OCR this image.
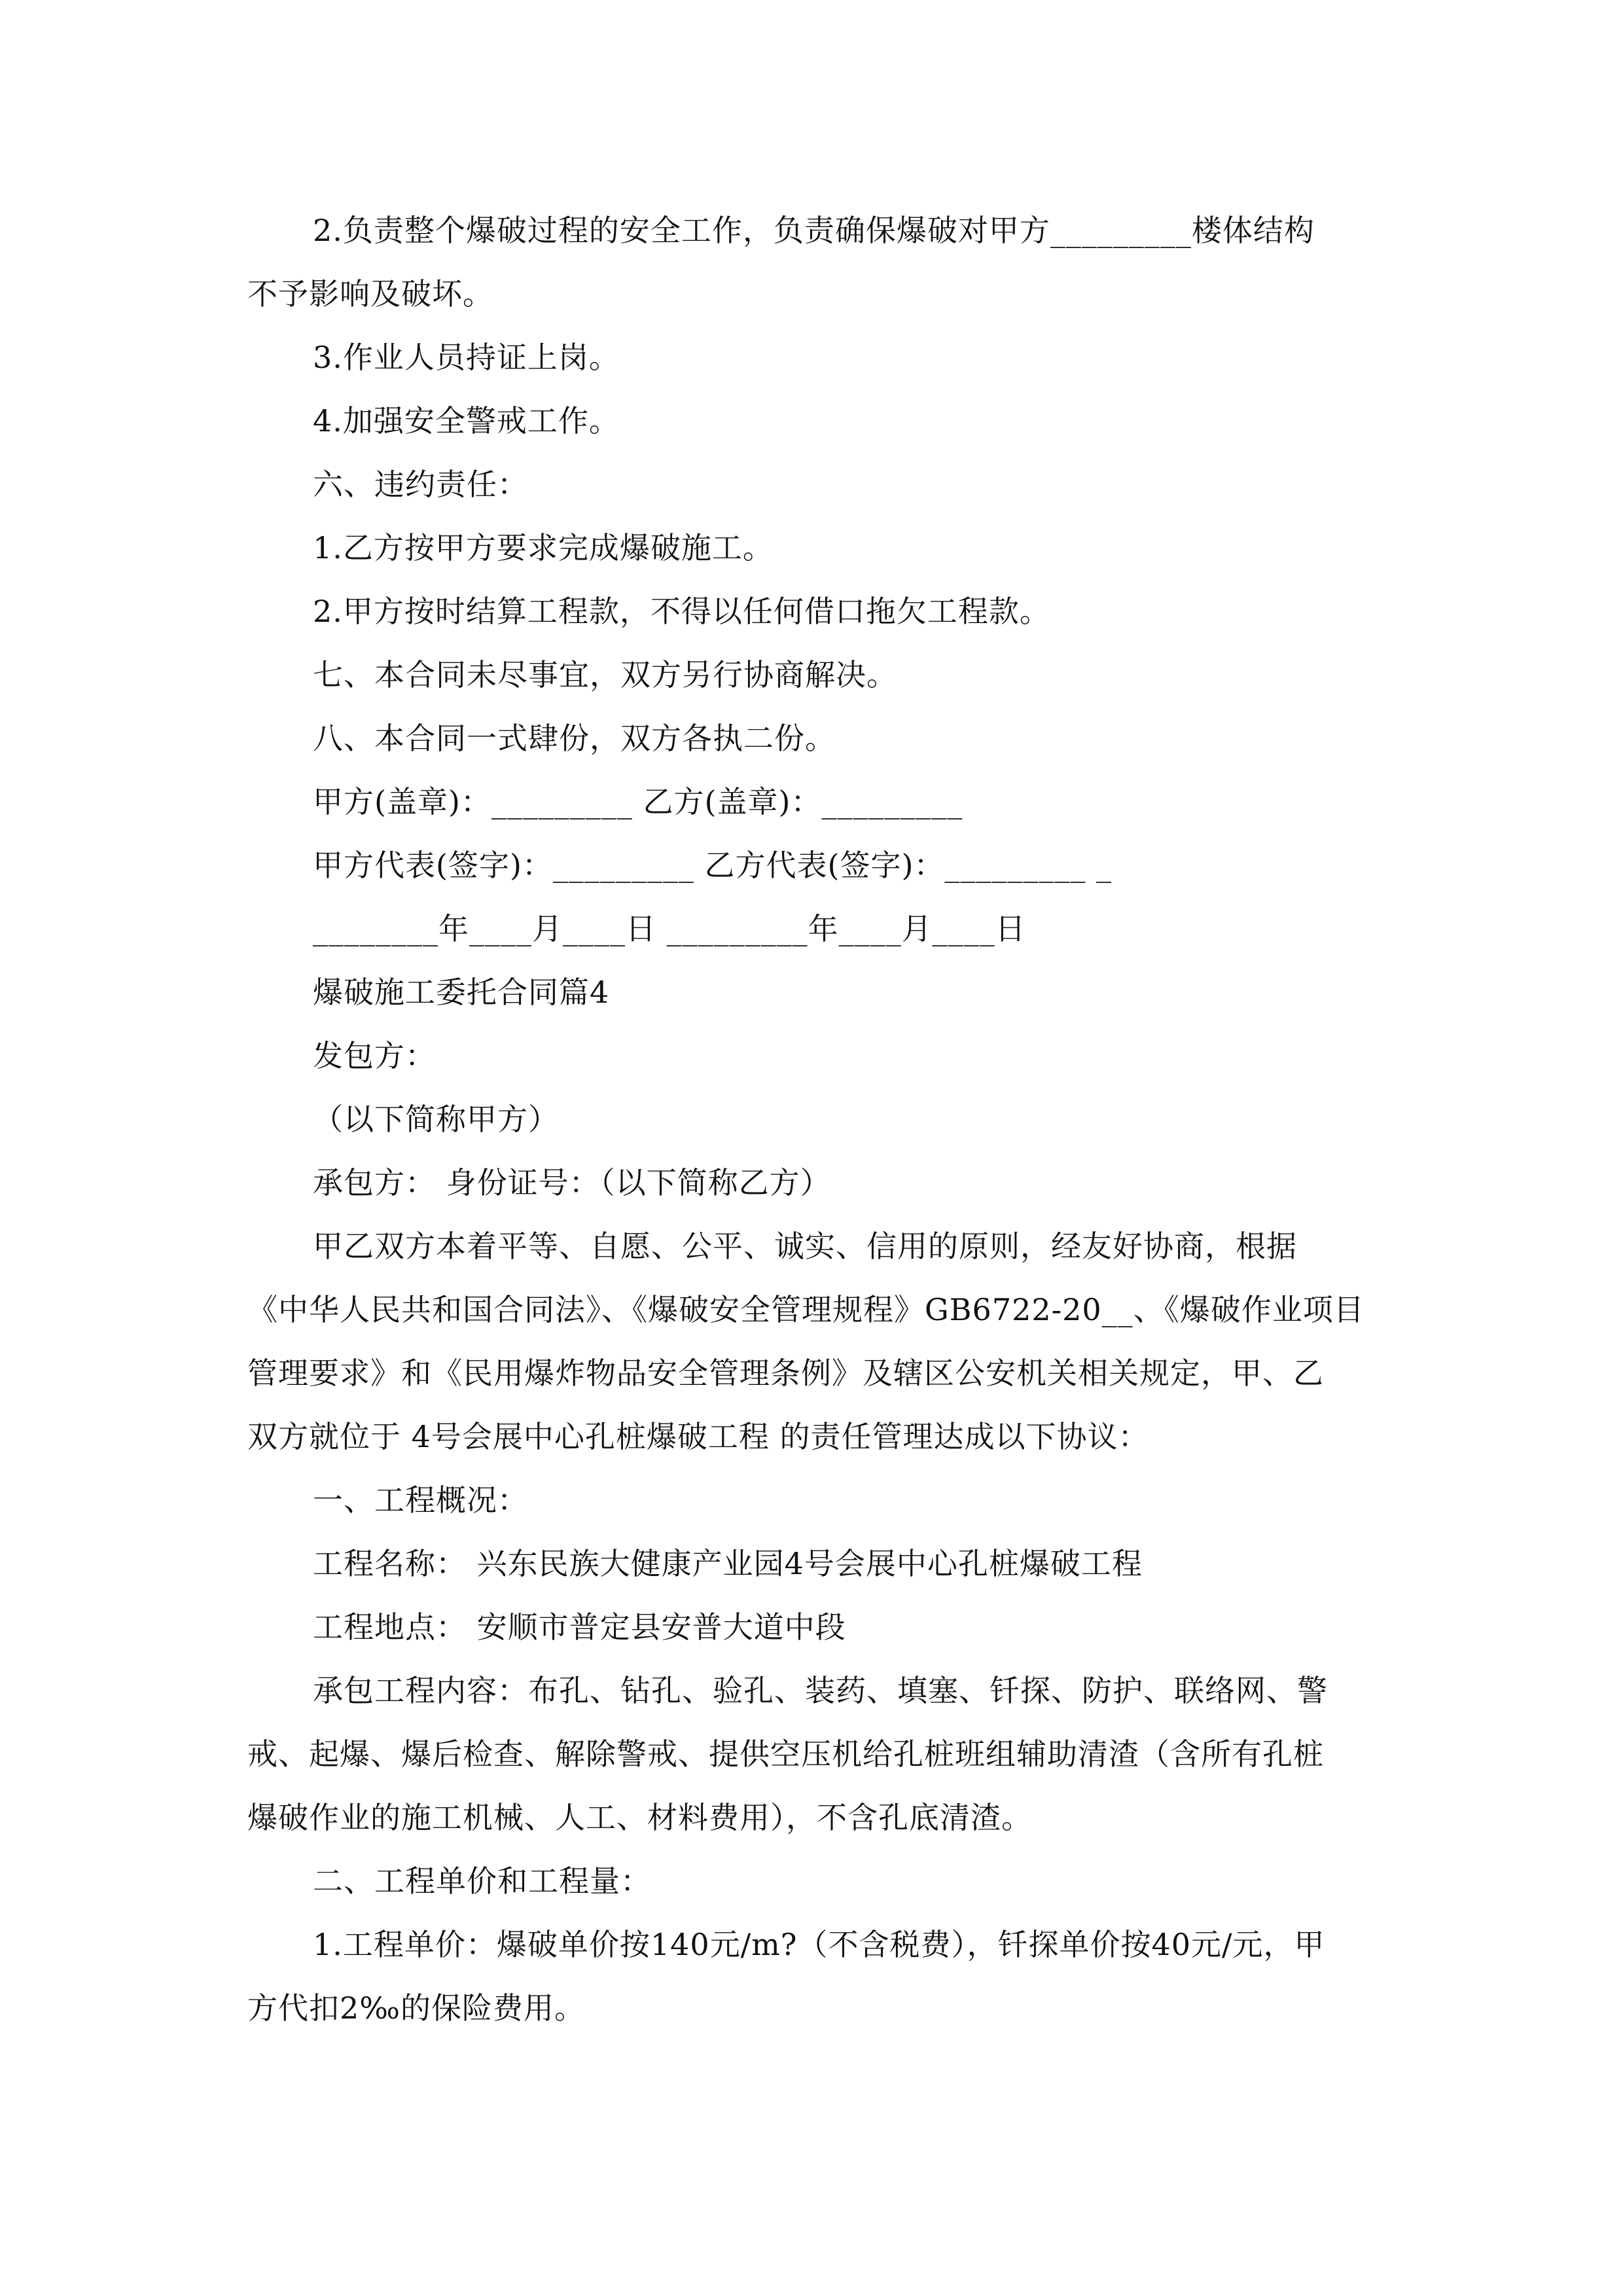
2.负责整个爆破过程的安全工作，负责确保爆破对甲方_________楼体结构
不予影响及破坏。
3.作业人员持证上岗。
4.加强安全警戒工作。
六、违约责任：
1.乙方按甲方要求完成爆破施工。
2.甲方按时结算工程款，不得以任何借口拖欠工程款。
七、本合同未尽事宜，双方另行协商解决。
八、本合同一式肆份，双方各执二份。
甲方(盖章)：_________ 乙方(盖章)：_________
甲方代表(签字)：_________ 乙方代表(签字)：_________ _
________年____月____日 _________年____月____日
爆破施工委托合同篇4
发包方：
（以下简称甲方）
承包方： 身份证号：（以下简称乙方）
甲乙双方本着平等、自愿、公平、诚实、信用的原则，经友好协商，根据
《中华人民共和国合同法》、《爆破安全管理规程》GB6722-20__、《爆破作业项目
管理要求》和《民用爆炸物品安全管理条例》及辖区公安机关相关规定，甲、乙
双方就位于 4号会展中心孔桩爆破工程 的责任管理达成以下协议：
一、工程概况：
工程名称： 兴东民族大健康产业园4号会展中心孔桩爆破工程
工程地点： 安顺市普定县安普大道中段
承包工程内容：布孔、钻孔、验孔、装药、填塞、钎探、防护、联络网、警
戒、起爆、爆后检查、解除警戒、提供空压机给孔桩班组辅助清渣（含所有孔桩
爆破作业的施工机械、人工、材料费用），不含孔底清渣。
二、工程单价和工程量：
1.工程单价：爆破单价按140元/m?（不含税费），钎探单价按40元/元，甲
方代扣2‰的保险费用。
